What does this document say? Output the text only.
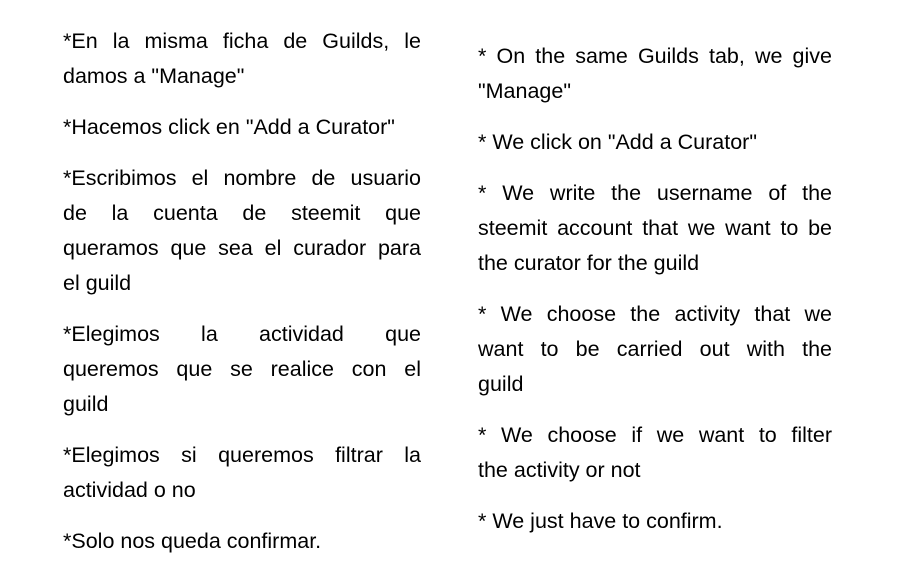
*En la misma ficha de Guilds, le
damos a "Manage"
*Hacemos click en "Add a Curator"
*Escribimos el nombre de usuario
de la cuenta de steemit que
queramos que sea el curador para
el guild
*Elegimos la actividad que
queremos que se realice con el
guild
*Elegimos si queremos filtrar la
actividad o no
*Solo nos queda confirmar.
* On the same Guilds tab, we give
"Manage"
* We click on "Add a Curator"
* We write the username of the
steemit account that we want to be
the curator for the guild
* We choose the activity that we
want to be carried out with the
guild
* We choose if we want to filter
the activity or not
* We just have to confirm.
